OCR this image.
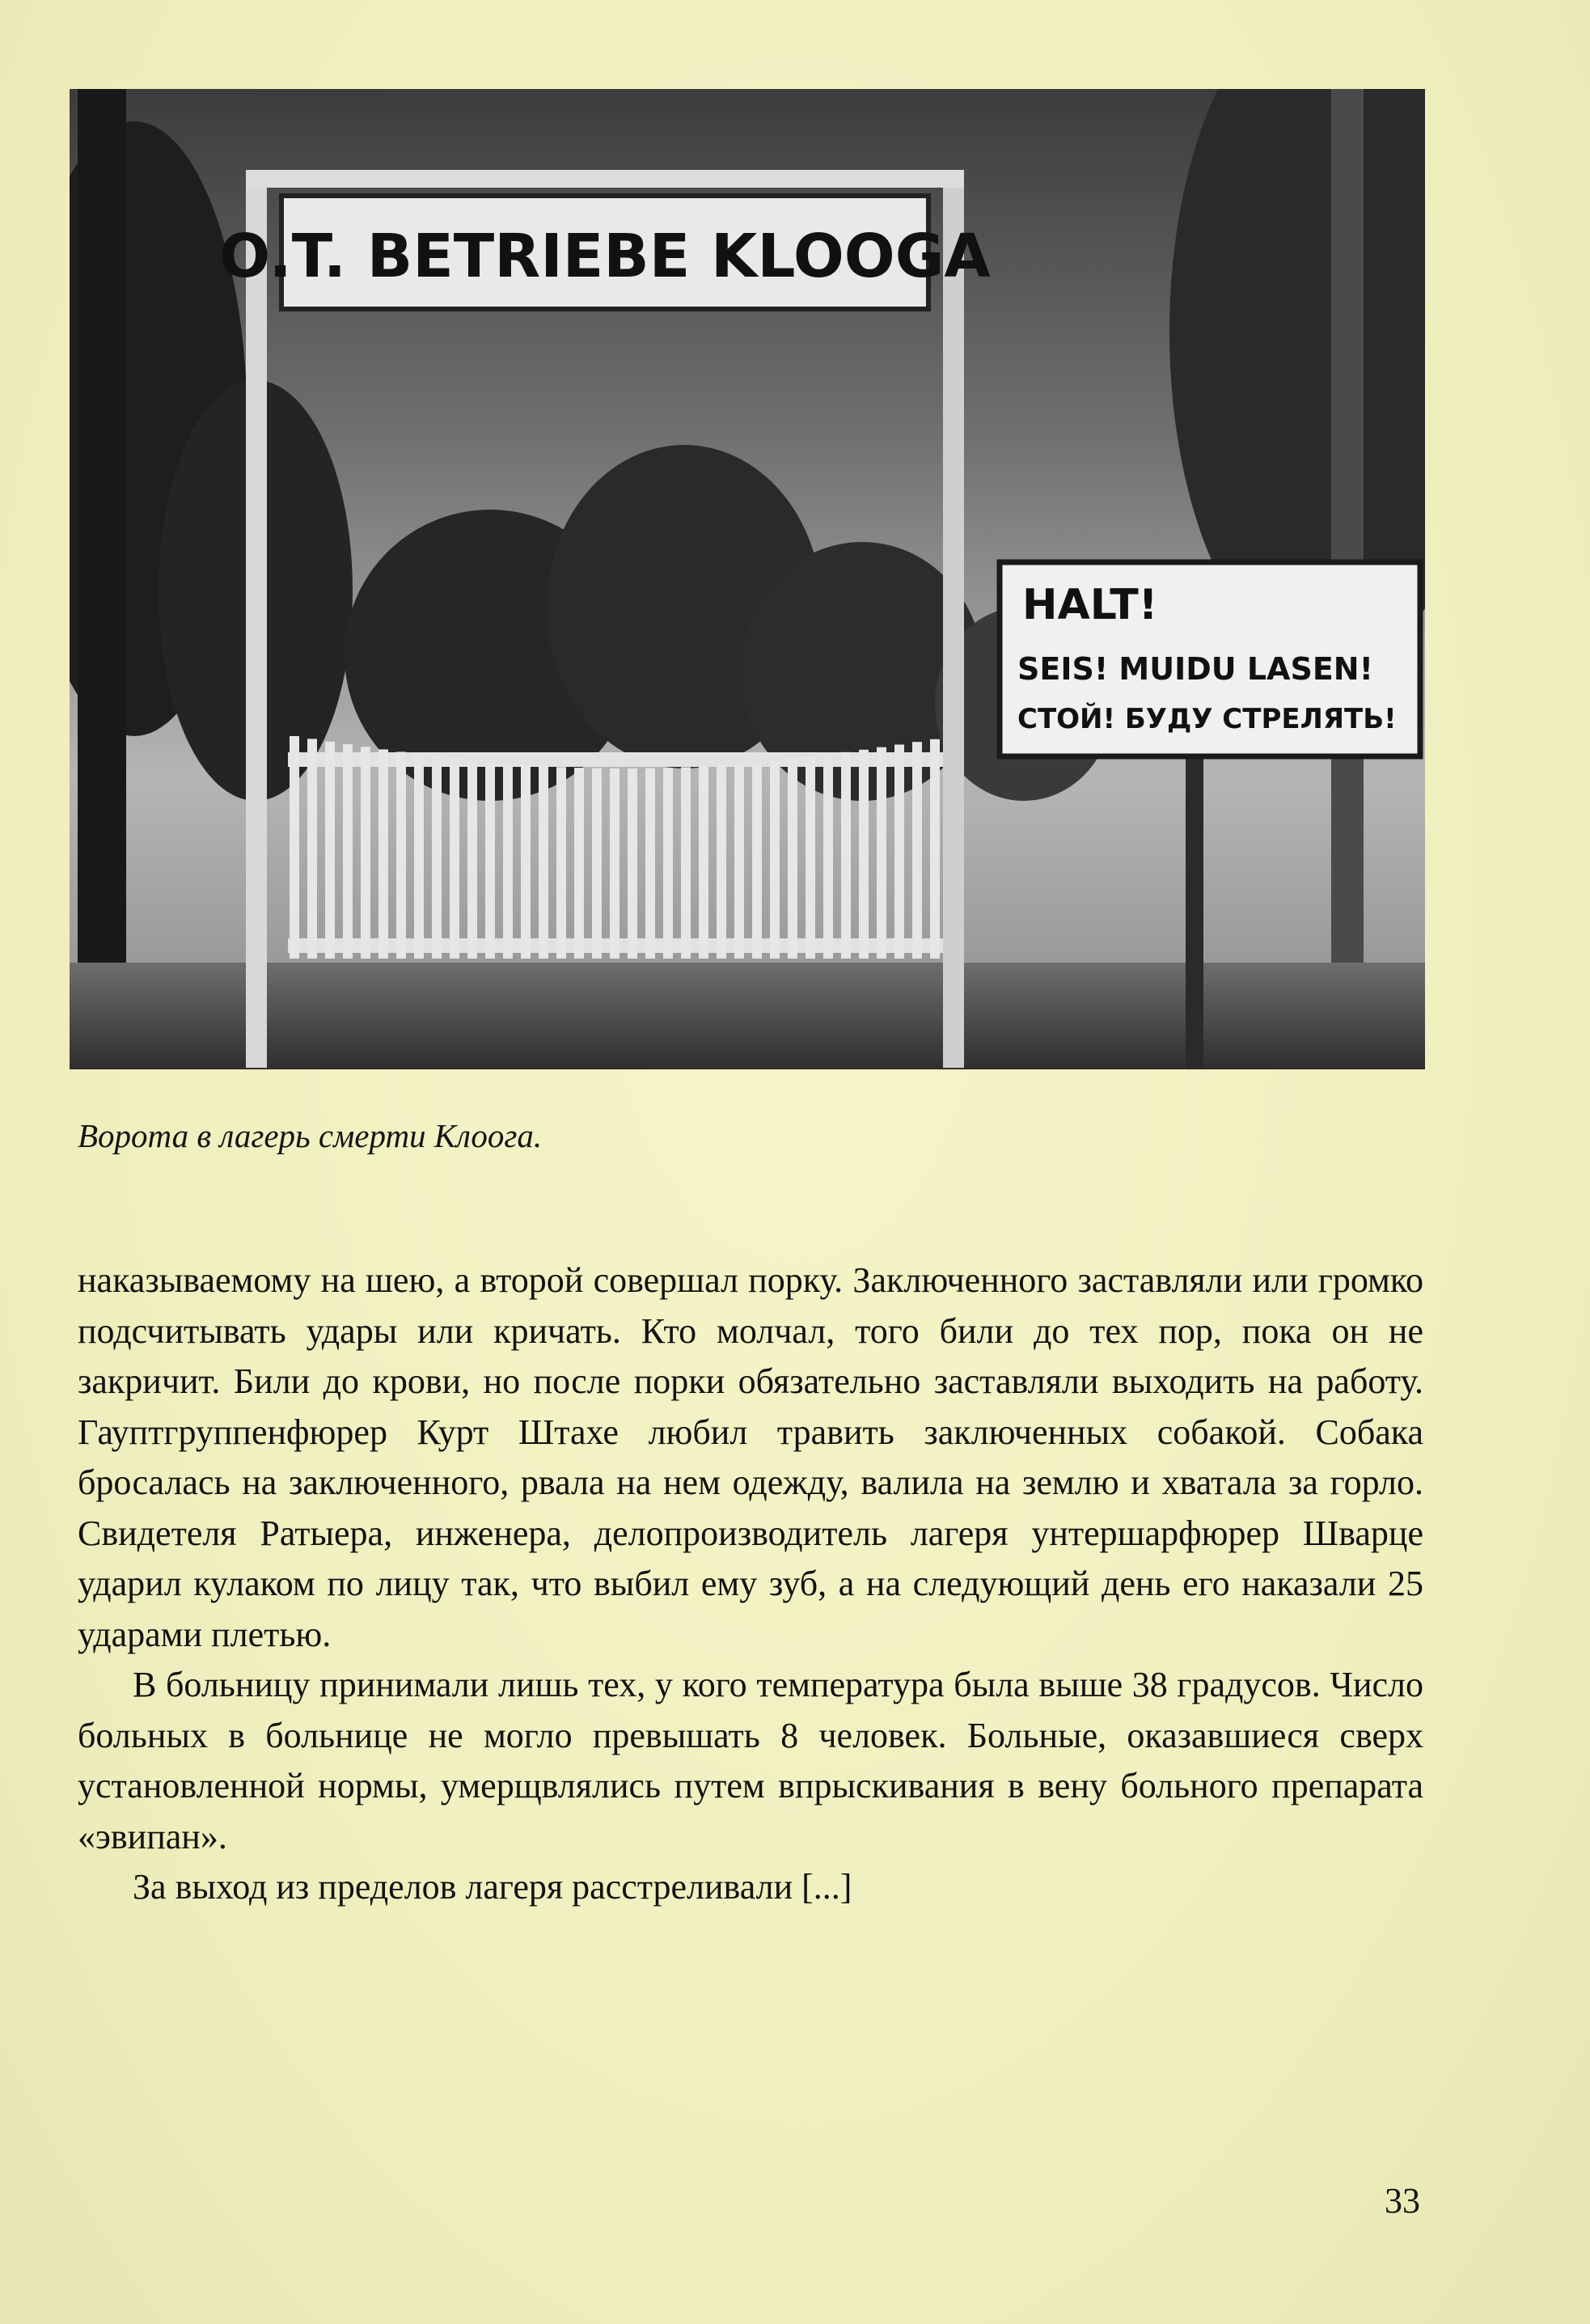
O.T. BETRIEBE KLOOGA
HALT!
SEIS! MUIDU LASEN!
СТОЙ! БУДУ СТРЕЛЯТЬ!
Ворота в лагерь смерти Клоога.

наказываемому на шею, а второй совершал порку. Заключенного заставляли или громко подсчитывать удары или кричать. Кто молчал, того били до тех пор, пока он не закричит. Били до крови, но после порки обязательно заставляли выходить на работу. Гауптгруппенфюрер Курт Штахе любил травить заключенных собакой. Собака бросалась на заключенного, рвала на нем одежду, валила на землю и хватала за горло. Свидетеля Ратыера, инженера, делопроизводитель лагеря унтершарфюрер Шварце ударил кулаком по лицу так, что выбил ему зуб, а на следующий день его наказали 25 ударами плетью.

В больницу принимали лишь тех, у кого температура была выше 38 градусов. Число больных в больнице не могло превышать 8 человек. Больные, оказавшиеся сверх установленной нормы, умерщвлялись путем впрыскивания в вену больного препарата «эвипан».

За выход из пределов лагеря расстреливали [...]

33
